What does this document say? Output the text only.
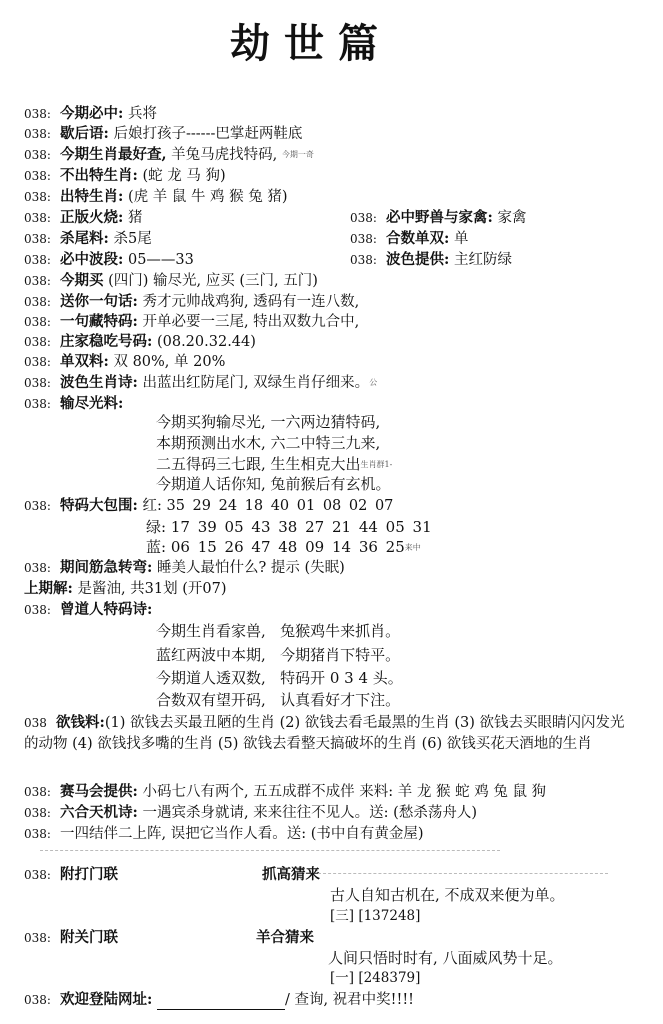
劫世篇
038: 今期必中: 兵将
038: 歇后语: 后娘打孩子------巴掌赶两鞋底
038: 今期生肖最好查, 羊兔马虎找特码, 今期一奇
038: 不出特生肖: (蛇 龙 马 狗)
038: 出特生肖: (虎 羊 鼠 牛 鸡 猴 兔 猪)
038: 正版火烧: 猪	038: 必中野兽与家禽: 家禽
038: 杀尾料: 杀5尾	038: 合数单双: 单
038: 必中波段: 05——33	038: 波色提供: 主红防绿
038: 今期买 (四门) 输尽光, 应买 (三门, 五门)
038: 送你一句话: 秀才元帅战鸡狗, 透码有一连八数,
038: 一句藏特码: 开单必要一三尾, 特出双数九合中,
038: 庄家稳吃号码: (08.20.32.44)
038: 单双料: 双 80%, 单 20%
038: 波色生肖诗: 出蓝出红防尾门, 双绿生肖仔细来。公
038: 输尽光料:
今期买狗输尽光, 一六两边猜特码,
本期预测出水木, 六二中特三九来,
二五得码三七跟, 生生相克大出生肖群1-
今期道人话你知, 兔前猴后有玄机。
038: 特码大包围: 红: 35 29 24 18 40 01 08 02 07
绿: 17 39 05 43 38 27 21 44 05 31
蓝: 06 15 26 47 48 09 14 36 25来中
038: 期间筋急转弯: 睡美人最怕什么? 提示 (失眠)
上期解: 是酱油, 共31划 (开07)
038: 曾道人特码诗:
今期生肖看家兽,   兔猴鸡牛来抓肖。
蓝红两波中本期,   今期猪肖下特平。
今期道人透双数,   特码开 0 3 4 头。
合数双有望开码,   认真看好才下注。
038 欲钱料:(1) 欲钱去买最丑陋的生肖 (2) 欲钱去看毛最黑的生肖 (3) 欲钱去买眼睛闪闪发光的动物 (4) 欲钱找多嘴的生肖 (5) 欲钱去看整天搞破坏的生肖 (6) 欲钱买花天酒地的生肖
038: 赛马会提供: 小码七八有两个, 五五成群不成伴 来料: 羊 龙 猴 蛇 鸡 兔 鼠 狗
038: 六合天机诗: 一遇宾杀身就请, 来来往往不见人。送: (愁杀荡舟人)
038: 一四结伴二上阵, 误把它当作人看。送: (书中自有黄金屋)
038: 附打门联	抓高猜来
古人自知古机在, 不成双来便为单。
[三] [137248]
038: 附关门联	羊合猜来
人间只悟时时有, 八面威风势十足。
[一] [248379]
038: 欢迎登陆网址:	/ 查询, 祝君中奖!!!!
